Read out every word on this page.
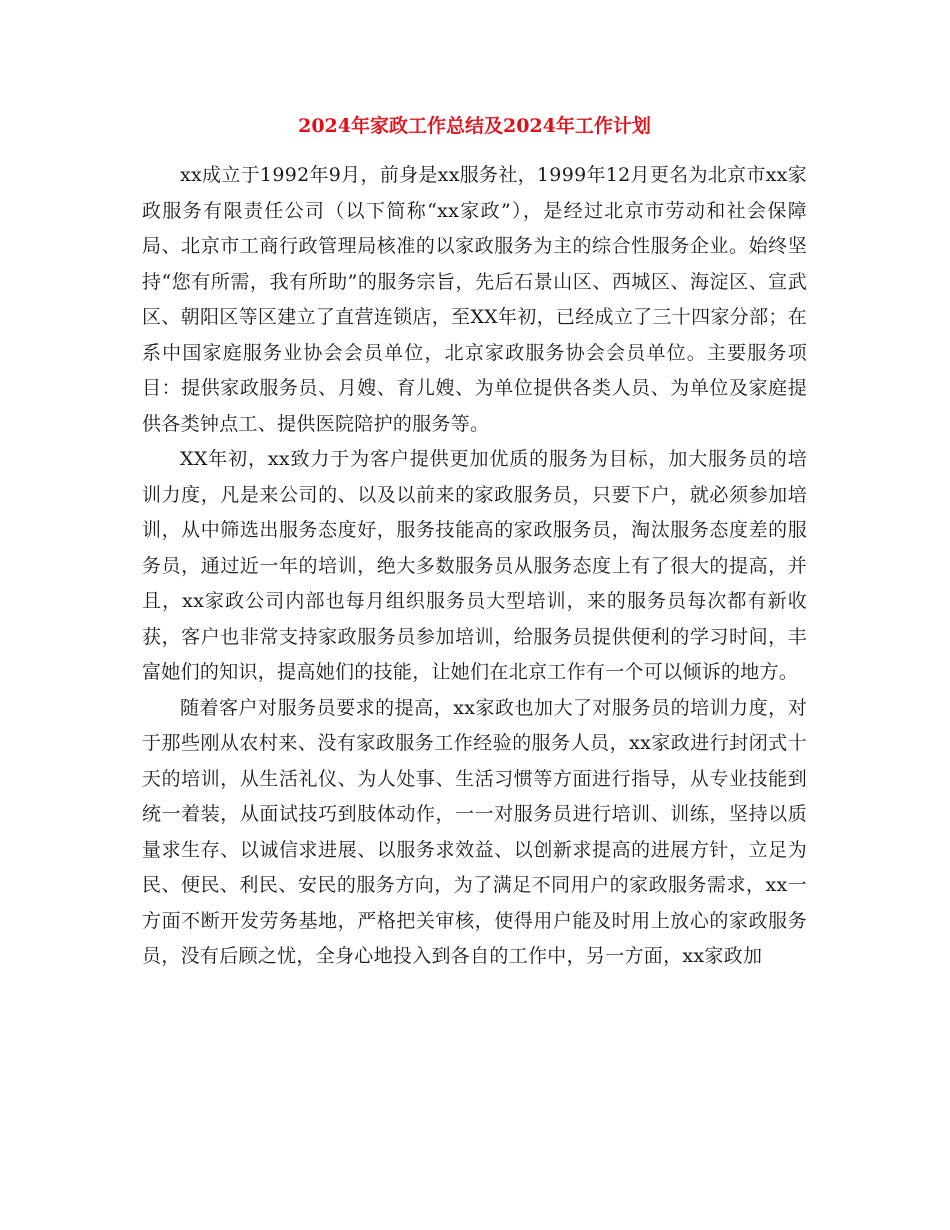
2024年家政工作总结及2024年工作计划

xx成立于1992年9月，前身是xx服务社，1999年12月更名为北京市xx家政服务有限责任公司（以下简称“xx家政”），是经过北京市劳动和社会保障局、北京市工商行政管理局核准的以家政服务为主的综合性服务企业。始终坚持“您有所需，我有所助”的服务宗旨，先后石景山区、西城区、海淀区、宣武区、朝阳区等区建立了直营连锁店，至XX年初，已经成立了三十四家分部；在系中国家庭服务业协会会员单位，北京家政服务协会会员单位。主要服务项目：提供家政服务员、月嫂、育儿嫂、为单位提供各类人员、为单位及家庭提供各类钟点工、提供医院陪护的服务等。

XX年初，xx致力于为客户提供更加优质的服务为目标，加大服务员的培训力度，凡是来公司的、以及以前来的家政服务员，只要下户，就必须参加培训，从中筛选出服务态度好，服务技能高的家政服务员，淘汰服务态度差的服务员，通过近一年的培训，绝大多数服务员从服务态度上有了很大的提高，并且，xx家政公司内部也每月组织服务员大型培训，来的服务员每次都有新收获，客户也非常支持家政服务员参加培训，给服务员提供便利的学习时间，丰富她们的知识，提高她们的技能，让她们在北京工作有一个可以倾诉的地方。

随着客户对服务员要求的提高，xx家政也加大了对服务员的培训力度，对于那些刚从农村来、没有家政服务工作经验的服务人员，xx家政进行封闭式十天的培训，从生活礼仪、为人处事、生活习惯等方面进行指导，从专业技能到统一着装，从面试技巧到肢体动作，一一对服务员进行培训、训练，坚持以质量求生存、以诚信求进展、以服务求效益、以创新求提高的进展方针，立足为民、便民、利民、安民的服务方向，为了满足不同用户的家政服务需求，xx一方面不断开发劳务基地，严格把关审核，使得用户能及时用上放心的家政服务员，没有后顾之忧，全身心地投入到各自的工作中，另一方面，xx家政加
